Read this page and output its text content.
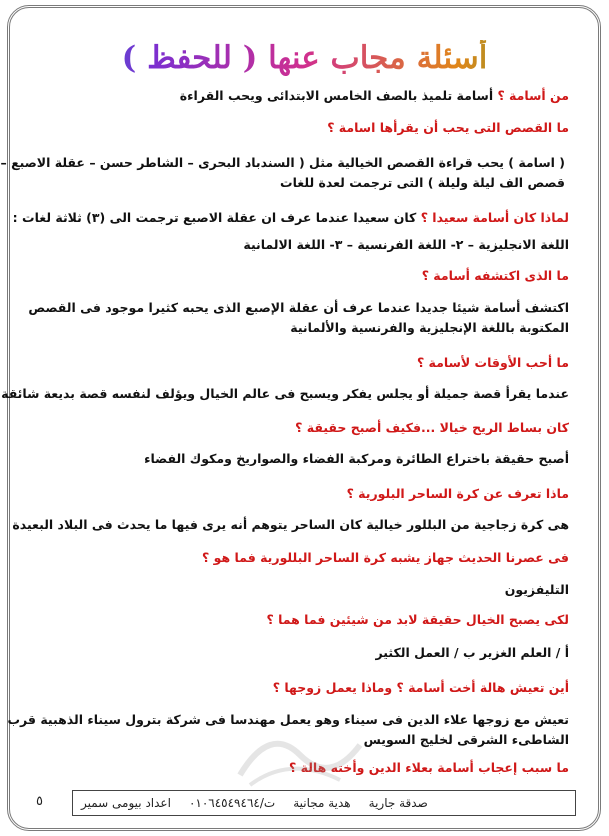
أسئلة مجاب عنها ( للحفظ )
من أسامة ؟ أسامة تلميذ بالصف الخامس الابتدائى ويحب القراءة
ما القصص التى يحب أن يقرأها اسامة ؟
( اسامة ) يحب قراءة القصص الخيالية مثل ( السندباد البحرى – الشاطر حسن – عقلة الاصبع –
قصص الف ليلة وليلة ) التى ترجمت لعدة للغات
لماذا كان أسامة سعيدا ؟ كان سعيدا عندما عرف ان عقلة الاصبع ترجمت الى (٣) ثلاثة لغات :
اللغة الانجليزية – ٢- اللغة الفرنسية – ٣- اللغة الالمانية
ما الذى اكتشفه أسامة ؟
اكتشف أسامة شيئا جديدا عندما عرف أن عقلة الإصبع الذى يحبه كثيرا موجود فى القصص
المكتوبة باللغة الإنجليزية والفرنسية والألمانية
ما أحب الأوقات لأسامة ؟
عندما يقرأ قصة جميلة أو يجلس يفكر ويسبح فى عالم الخيال ويؤلف لنفسه قصة بديعة شائقة
كان بساط الريح خيالا ...فكيف أصبح حقيقة ؟
أصبح حقيقة باختراع الطائرة ومركبة الفضاء والصواريخ ومكوك الفضاء
ماذا تعرف عن كرة الساحر البلورية ؟
هى كرة زجاجية من البللور خيالية كان الساحر يتوهم أنه يرى فيها ما يحدث فى البلاد البعيدة
فى عصرنا الحديث جهاز يشبه كرة الساحر البللورية فما هو ؟
التليفزيون
لكى يصبح الخيال حقيقة لابد من شيئين فما هما ؟
أ / العلم الغزير ب / العمل الكثير
أين تعيش هالة أخت أسامة ؟ وماذا يعمل زوجها ؟
تعيش مع زوجها علاء الدين فى سيناء وهو يعمل مهندسا فى شركة بترول سيناء الذهبية قرب
الشاطىء الشرقى لخليج السويس
ما سبب إعجاب أسامة بعلاء الدين وأخته هالة ؟
اعداد بيومى سمير ت/٠١٠٦٤٥٤٩٤٦٤ هدية مجانية صدقة جارية
٥
